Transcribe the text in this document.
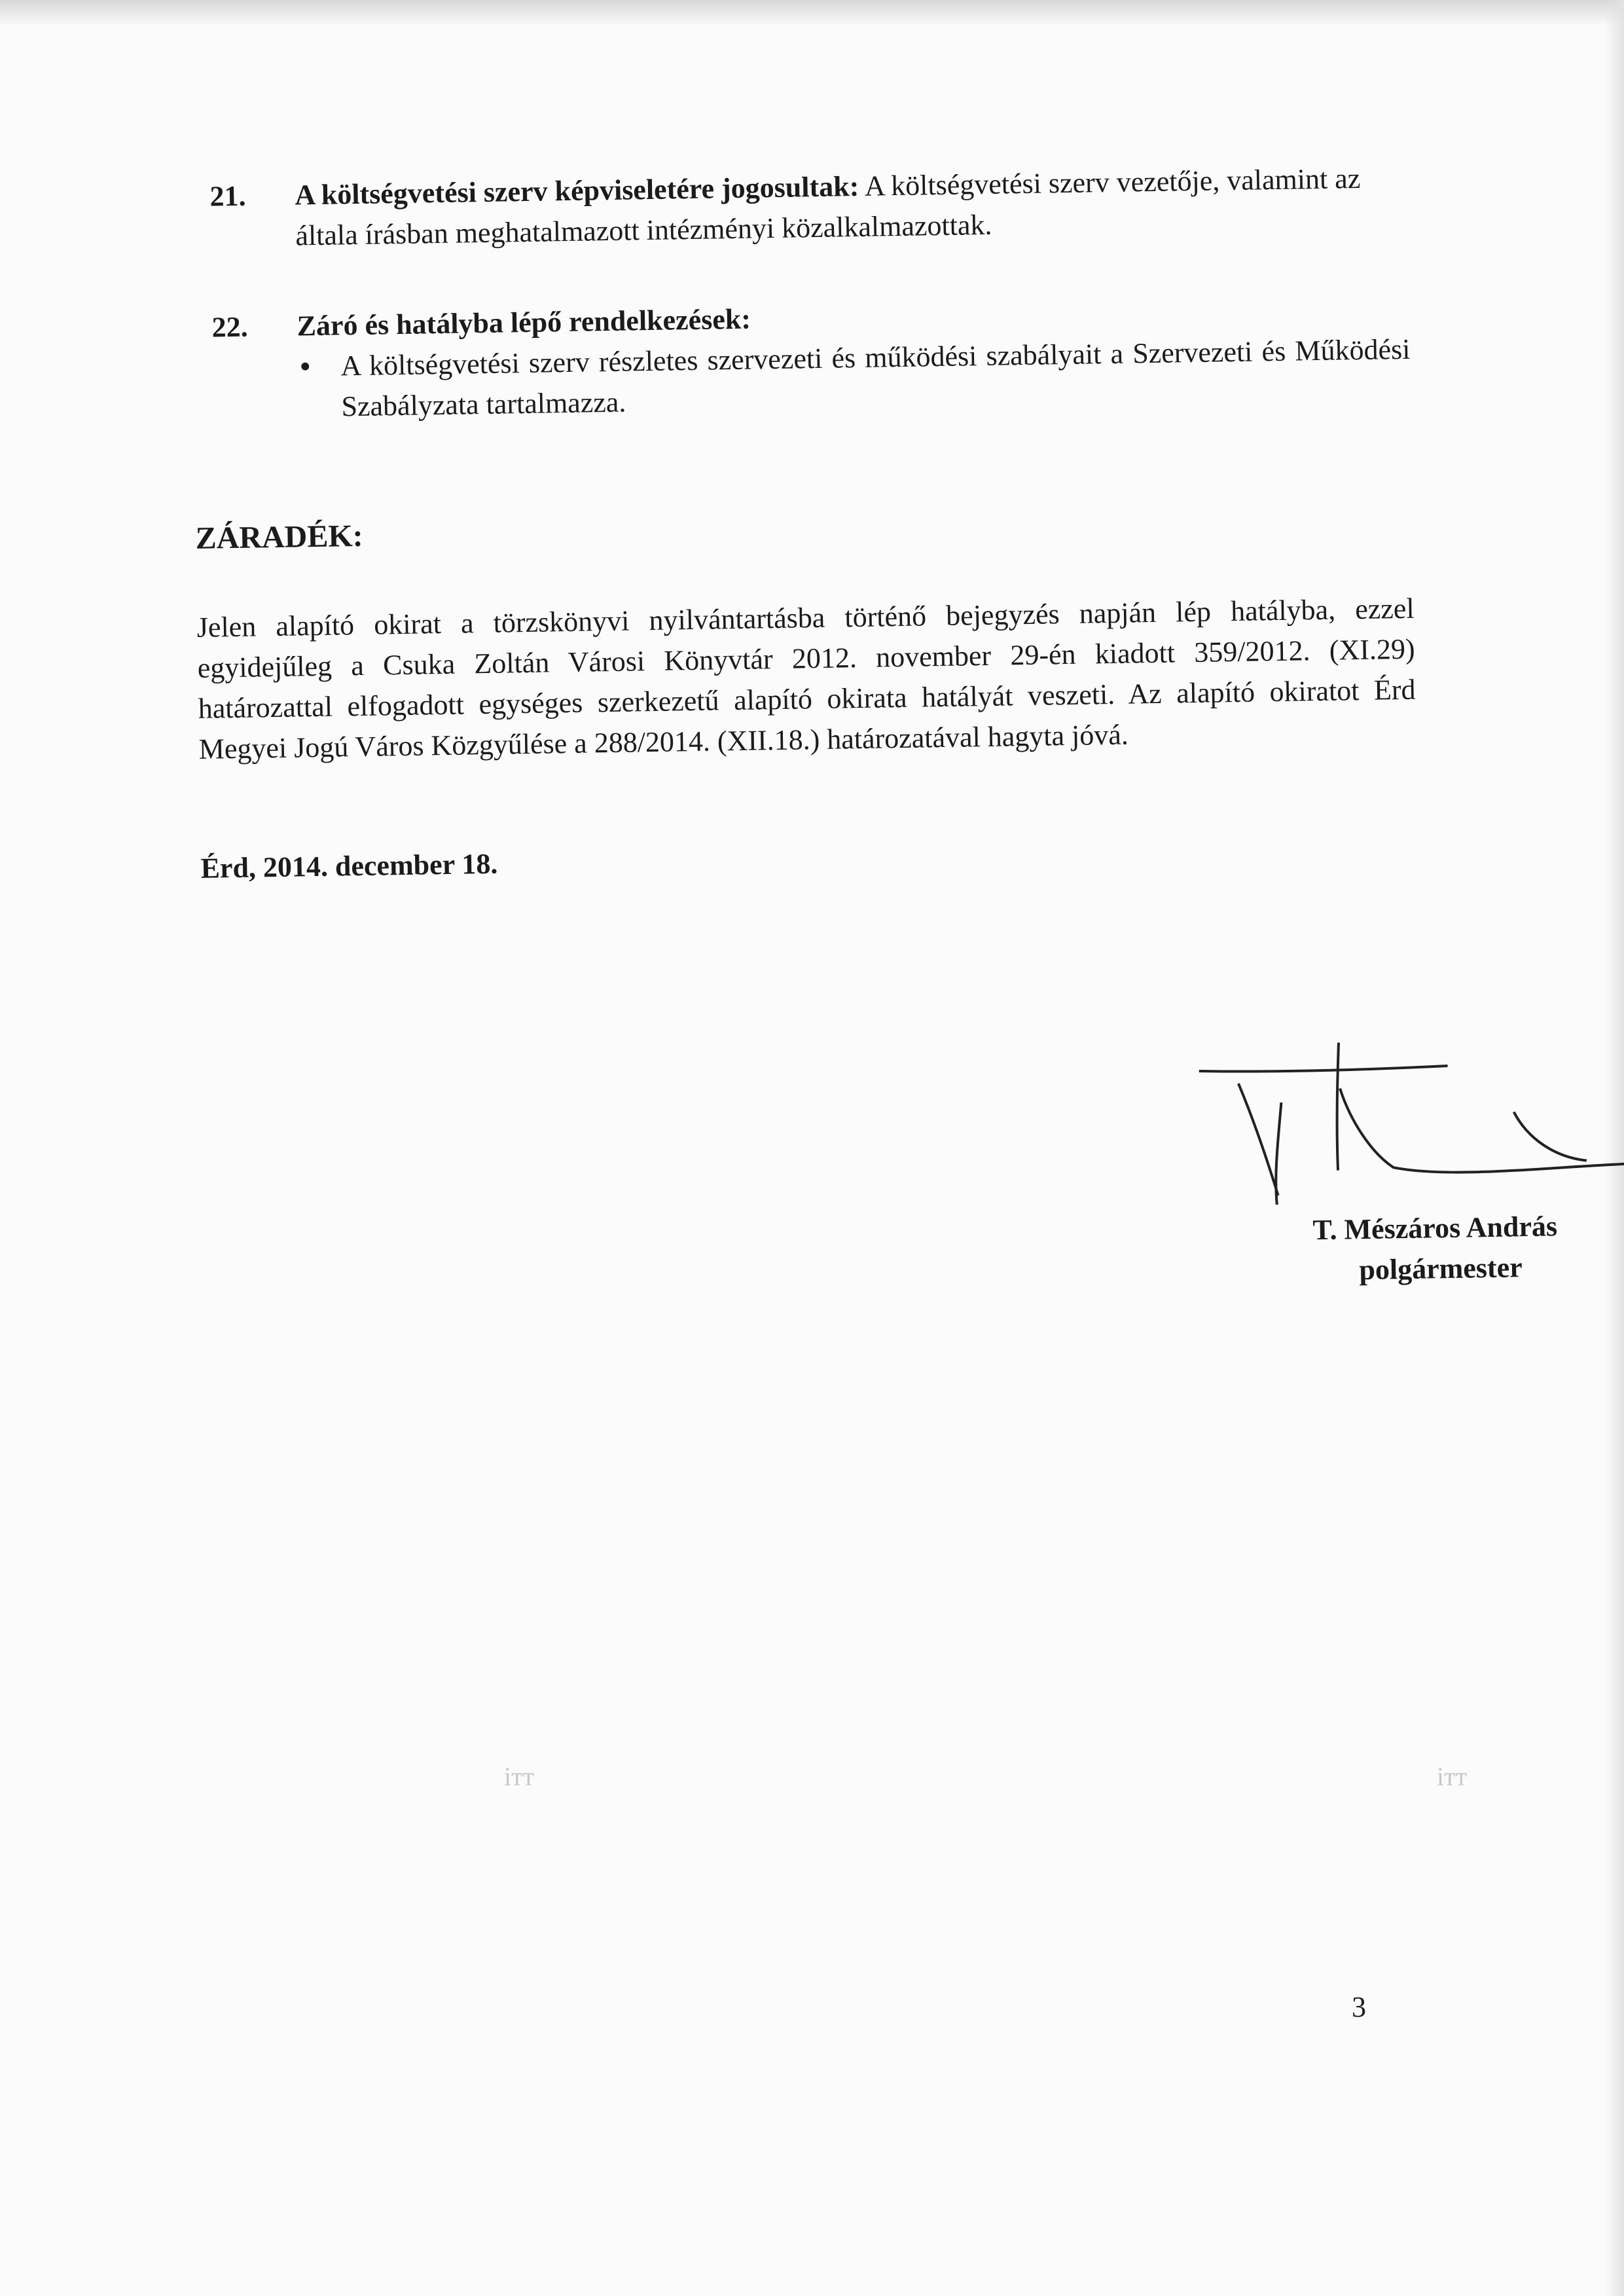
21. A költségvetési szerv képviseletére jogosultak: A költségvetési szerv vezetője, valamint az általa írásban meghatalmazott intézményi közalkalmazottak.
22. Záró és hatályba lépő rendelkezések:
•	A költségvetési szerv részletes szervezeti és működési szabályait a Szervezeti és Működési Szabályzata tartalmazza.
ZÁRADÉK:
Jelen alapító okirat a törzskönyvi nyilvántartásba történő bejegyzés napján lép hatályba, ezzel egyidejűleg a Csuka Zoltán Városi Könyvtár 2012. november 29-én kiadott 359/2012. (XI.29) határozattal elfogadott egységes szerkezetű alapító okirata hatályát veszeti. Az alapító okiratot Érd Megyei Jogú Város Közgyűlése a 288/2014. (XII.18.) határozatával hagyta jóvá.
Érd, 2014. december 18.
T. Mészáros András
polgármester
iтт	iтт
3
